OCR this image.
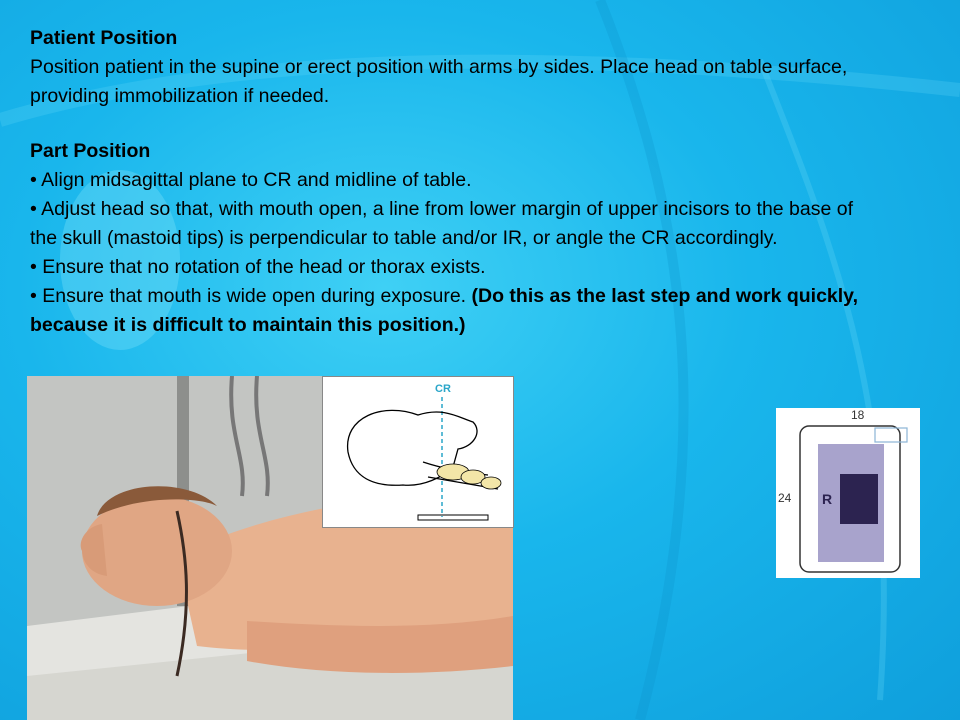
Patient Position

Position patient in the supine or erect position with arms by sides. Place head on table surface, providing immobilization if needed.

Part Position

• Align midsagittal plane to CR and midline of table.

• Adjust head so that, with mouth open, a line from lower margin of upper incisors to the base of the skull (mastoid tips) is perpendicular to table and/or IR, or angle the CR accordingly.

• Ensure that no rotation of the head or thorax exists.

• Ensure that mouth is wide open during exposure. (Do this as the last step and work quickly, because it is difficult to maintain this position.)

CR
18
24 R
